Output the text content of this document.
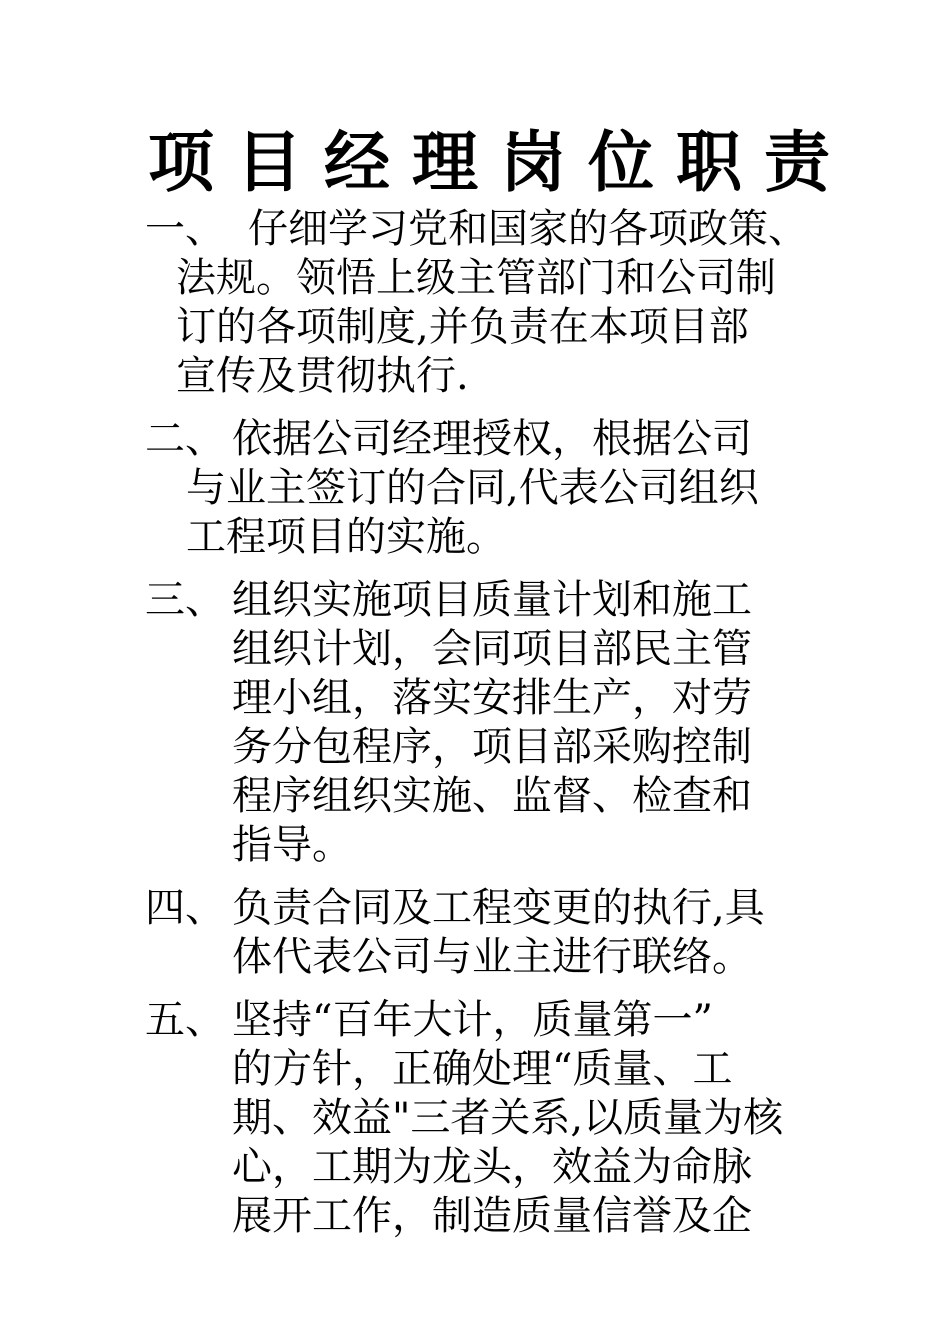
项目经理岗位职责
一、 仔细学习党和国家的各项政策、
法规。领悟上级主管部门和公司制
订的各项制度,并负责在本项目部
宣传及贯彻执行.
二、 依据公司经理授权，根据公司
与业主签订的合同,代表公司组织
工程项目的实施。
三、 组织实施项目质量计划和施工
组织计划，会同项目部民主管
理小组，落实安排生产，对劳
务分包程序，项目部采购控制
程序组织实施、监督、检查和
指导。
四、 负责合同及工程变更的执行,具
体代表公司与业主进行联络。
五、 坚持“百年大计，质量第一”
的方针，正确处理“质量、工
期、效益"三者关系,以质量为核
心，工期为龙头，效益为命脉
展开工作，制造质量信誉及企
